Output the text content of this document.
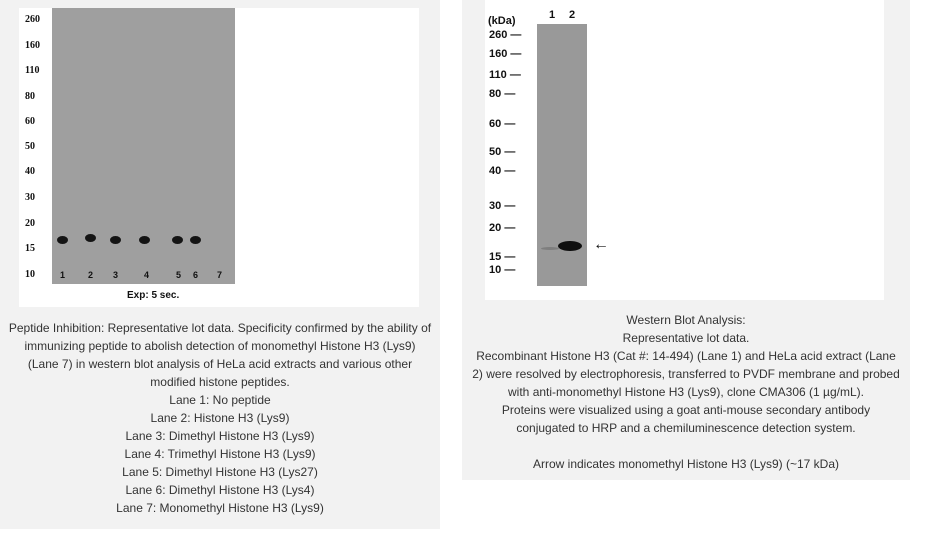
260
160
110
80
60
50
40
30
20
15
10	1	2 3	4	5 6 7
Exp: 5 sec.
Peptide Inhibition: Representative lot data. Specificity confirmed by the ability of
immunizing peptide to abolish detection of monomethyl Histone H3 (Lys9)
(Lane 7) in western blot analysis of HeLa acid extracts and various other
modified histone peptides.
Lane 1: No peptide
Lane 2: Histone H3 (Lys9)
Lane 3: Dimethyl Histone H3 (Lys9)
Lane 4: Trimethyl Histone H3 (Lys9)
Lane 5: Dimethyl Histone H3 (Lys27)
Lane 6: Dimethyl Histone H3 (Lys4)
Lane 7: Monomethyl Histone H3 (Lys9)
(kDa)	1 2
260 —
160 —
110 —
80 —
60 —
50 —
40 —
30 —
20 —
15 —
10 —
←
Western Blot Analysis:
Representative lot data.
Recombinant Histone H3 (Cat #: 14-494) (Lane 1) and HeLa acid extract (Lane
2) were resolved by electrophoresis, transferred to PVDF membrane and probed
with anti-monomethyl Histone H3 (Lys9), clone CMA306 (1 µg/mL).
Proteins were visualized using a goat anti-mouse secondary antibody
conjugated to HRP and a chemiluminescence detection system.
Arrow indicates monomethyl Histone H3 (Lys9) (~17 kDa)
